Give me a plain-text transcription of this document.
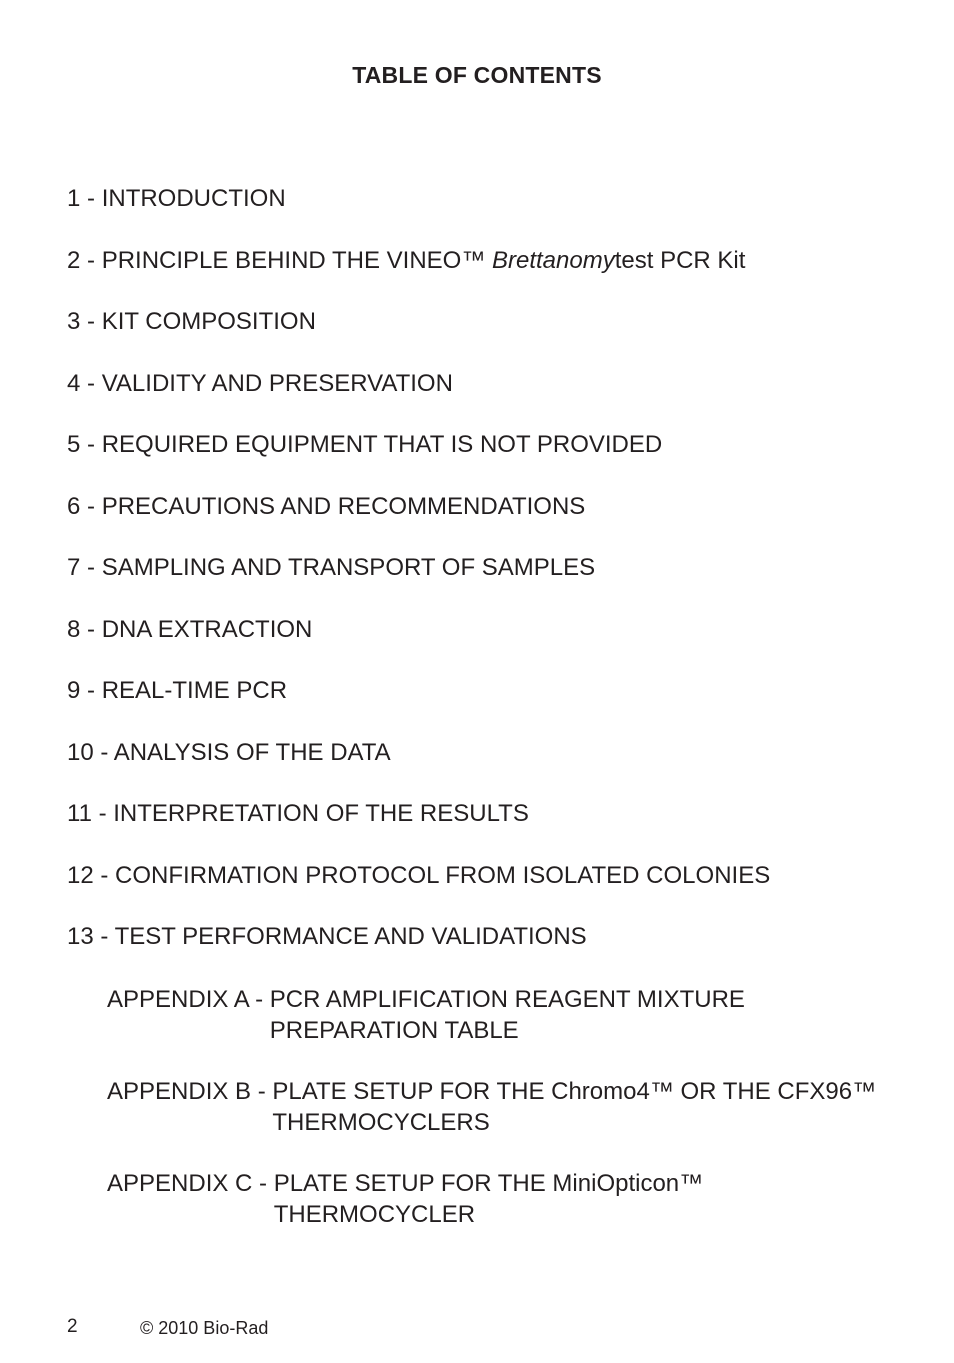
TABLE OF CONTENTS
1 - INTRODUCTION
2 - PRINCIPLE BEHIND THE VINEO™ Brettanomytest PCR Kit
3 - KIT COMPOSITION
4 - VALIDITY AND PRESERVATION
5 - REQUIRED EQUIPMENT THAT IS NOT PROVIDED
6 - PRECAUTIONS AND RECOMMENDATIONS
7 - SAMPLING AND TRANSPORT OF SAMPLES
8 - DNA EXTRACTION
9 - REAL-TIME PCR
10 - ANALYSIS OF THE DATA
11 - INTERPRETATION OF THE RESULTS
12 - CONFIRMATION PROTOCOL FROM ISOLATED COLONIES
13 - TEST PERFORMANCE AND VALIDATIONS
APPENDIX A - PCR AMPLIFICATION REAGENT MIXTURE
PREPARATION TABLE
APPENDIX B - PLATE SETUP FOR THE Chromo4™ OR THE CFX96™
THERMOCYCLERS
APPENDIX C - PLATE SETUP FOR THE MiniOpticon™
THERMOCYCLER
2	© 2010 Bio-Rad
